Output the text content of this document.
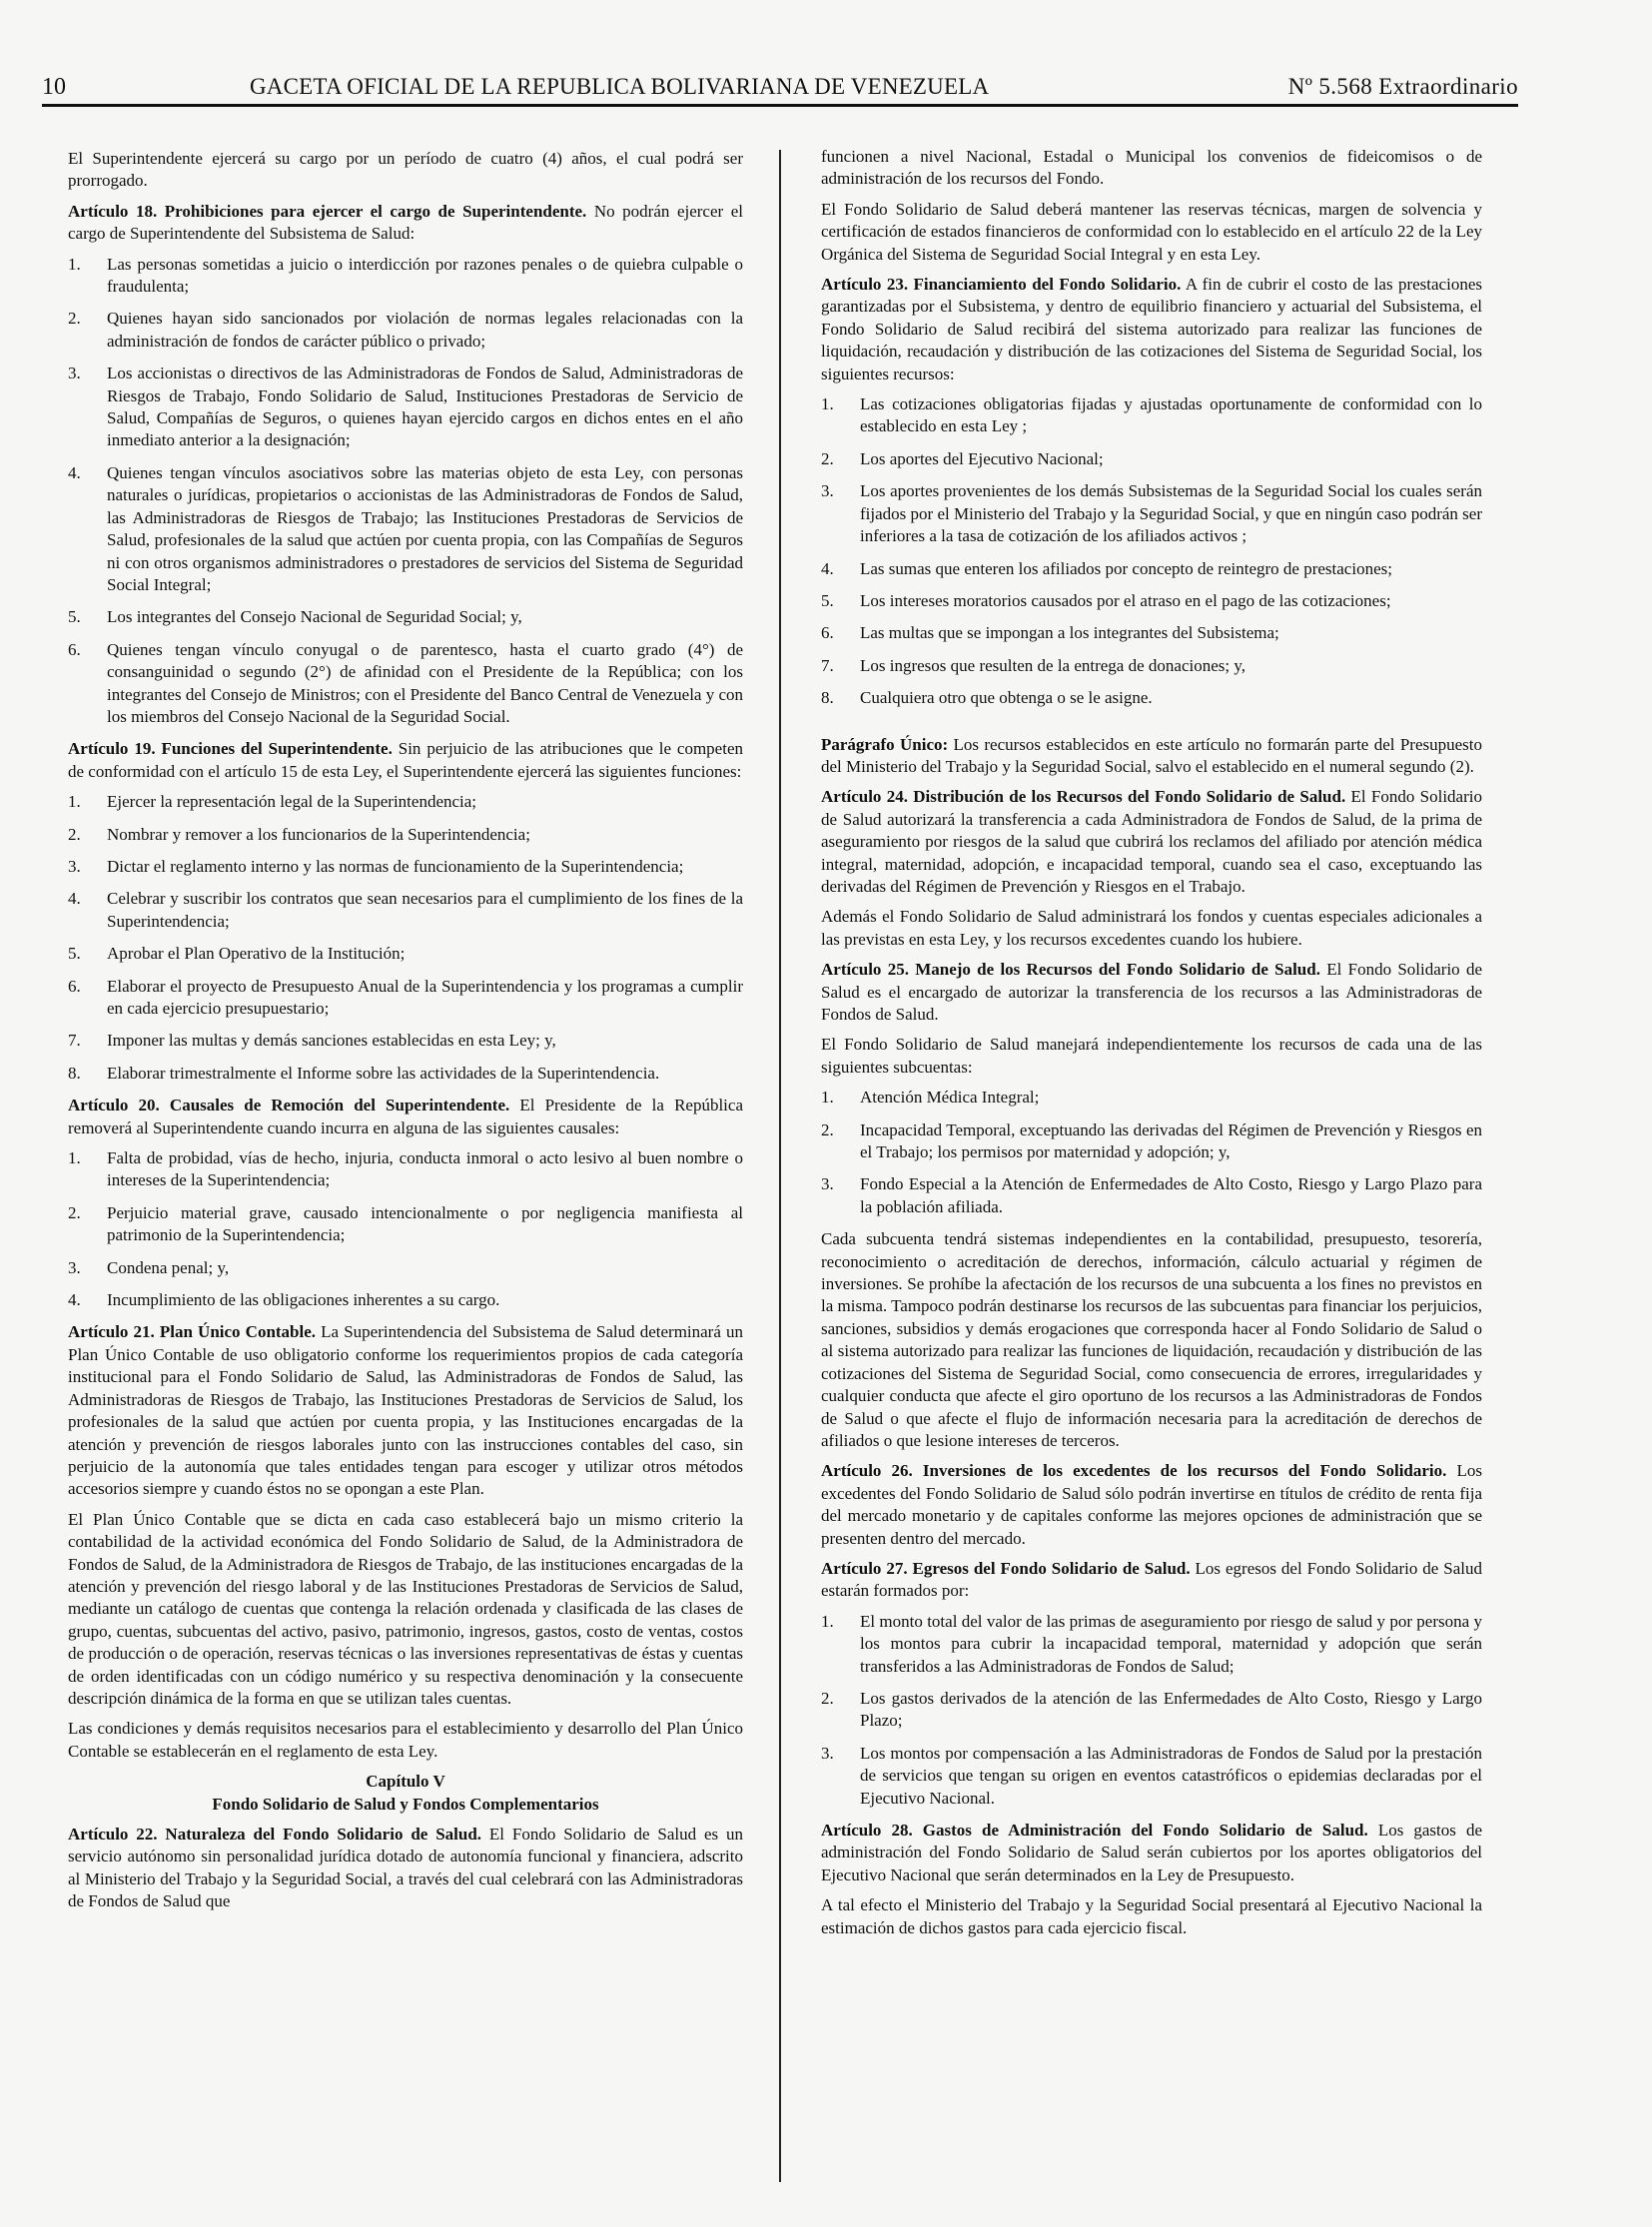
10	GACETA OFICIAL DE LA REPUBLICA BOLIVARIANA DE VENEZUELA	Nº 5.568 Extraordinario

El Superintendente ejercerá su cargo por un período de cuatro (4) años, el cual podrá ser prorrogado.

Artículo 18. Prohibiciones para ejercer el cargo de Superintendente. No podrán ejercer el cargo de Superintendente del Subsistema de Salud:

1. Las personas sometidas a juicio o interdicción por razones penales o de quiebra culpable o fraudulenta;
2. Quienes hayan sido sancionados por violación de normas legales relacionadas con la administración de fondos de carácter público o privado;
3. Los accionistas o directivos de las Administradoras de Fondos de Salud, Administradoras de Riesgos de Trabajo, Fondo Solidario de Salud, Instituciones Prestadoras de Servicio de Salud, Compañías de Seguros, o quienes hayan ejercido cargos en dichos entes en el año inmediato anterior a la designación;
4. Quienes tengan vínculos asociativos sobre las materias objeto de esta Ley, con personas naturales o jurídicas, propietarios o accionistas de las Administradoras de Fondos de Salud, las Administradoras de Riesgos de Trabajo; las Instituciones Prestadoras de Servicios de Salud, profesionales de la salud que actúen por cuenta propia, con las Compañías de Seguros ni con otros organismos administradores o prestadores de servicios del Sistema de Seguridad Social Integral;
5. Los integrantes del Consejo Nacional de Seguridad Social; y,
6. Quienes tengan vínculo conyugal o de parentesco, hasta el cuarto grado (4°) de consanguinidad o segundo (2°) de afinidad con el Presidente de la República; con los integrantes del Consejo de Ministros; con el Presidente del Banco Central de Venezuela y con los miembros del Consejo Nacional de la Seguridad Social.

Artículo 19. Funciones del Superintendente. Sin perjuicio de las atribuciones que le competen de conformidad con el artículo 15 de esta Ley, el Superintendente ejercerá las siguientes funciones:

1. Ejercer la representación legal de la Superintendencia;
2. Nombrar y remover a los funcionarios de la Superintendencia;
3. Dictar el reglamento interno y las normas de funcionamiento de la Superintendencia;
4. Celebrar y suscribir los contratos que sean necesarios para el cumplimiento de los fines de la Superintendencia;
5. Aprobar el Plan Operativo de la Institución;
6. Elaborar el proyecto de Presupuesto Anual de la Superintendencia y los programas a cumplir en cada ejercicio presupuestario;
7. Imponer las multas y demás sanciones establecidas en esta Ley; y,
8. Elaborar trimestralmente el Informe sobre las actividades de la Superintendencia.

Artículo 20. Causales de Remoción del Superintendente. El Presidente de la República removerá al Superintendente cuando incurra en alguna de las siguientes causales:

1. Falta de probidad, vías de hecho, injuria, conducta inmoral o acto lesivo al buen nombre o intereses de la Superintendencia;
2. Perjuicio material grave, causado intencionalmente o por negligencia manifiesta al patrimonio de la Superintendencia;
3. Condena penal; y,
4. Incumplimiento de las obligaciones inherentes a su cargo.

Artículo 21. Plan Único Contable. La Superintendencia del Subsistema de Salud determinará un Plan Único Contable de uso obligatorio conforme los requerimientos propios de cada categoría institucional para el Fondo Solidario de Salud, las Administradoras de Fondos de Salud, las Administradoras de Riesgos de Trabajo, las Instituciones Prestadoras de Servicios de Salud, los profesionales de la salud que actúen por cuenta propia, y las Instituciones encargadas de la atención y prevención de riesgos laborales junto con las instrucciones contables del caso, sin perjuicio de la autonomía que tales entidades tengan para escoger y utilizar otros métodos accesorios siempre y cuando éstos no se opongan a este Plan.

El Plan Único Contable que se dicta en cada caso establecerá bajo un mismo criterio la contabilidad de la actividad económica del Fondo Solidario de Salud, de la Administradora de Fondos de Salud, de la Administradora de Riesgos de Trabajo, de las instituciones encargadas de la atención y prevención del riesgo laboral y de las Instituciones Prestadoras de Servicios de Salud, mediante un catálogo de cuentas que contenga la relación ordenada y clasificada de las clases de grupo, cuentas, subcuentas del activo, pasivo, patrimonio, ingresos, gastos, costo de ventas, costos de producción o de operación, reservas técnicas o las inversiones representativas de éstas y cuentas de orden identificadas con un código numérico y su respectiva denominación y la consecuente descripción dinámica de la forma en que se utilizan tales cuentas.

Las condiciones y demás requisitos necesarios para el establecimiento y desarrollo del Plan Único Contable se establecerán en el reglamento de esta Ley.

Capítulo V
Fondo Solidario de Salud y Fondos Complementarios

Artículo 22. Naturaleza del Fondo Solidario de Salud. El Fondo Solidario de Salud es un servicio autónomo sin personalidad jurídica dotado de autonomía funcional y financiera, adscrito al Ministerio del Trabajo y la Seguridad Social, a través del cual celebrará con las Administradoras de Fondos de Salud que

funcionen a nivel Nacional, Estadal o Municipal los convenios de fideicomisos o de administración de los recursos del Fondo.

El Fondo Solidario de Salud deberá mantener las reservas técnicas, margen de solvencia y certificación de estados financieros de conformidad con lo establecido en el artículo 22 de la Ley Orgánica del Sistema de Seguridad Social Integral y en esta Ley.

Artículo 23. Financiamiento del Fondo Solidario. A fin de cubrir el costo de las prestaciones garantizadas por el Subsistema, y dentro de equilibrio financiero y actuarial del Subsistema, el Fondo Solidario de Salud recibirá del sistema autorizado para realizar las funciones de liquidación, recaudación y distribución de las cotizaciones del Sistema de Seguridad Social, los siguientes recursos:

1. Las cotizaciones obligatorias fijadas y ajustadas oportunamente de conformidad con lo establecido en esta Ley ;
2. Los aportes del Ejecutivo Nacional;
3. Los aportes provenientes de los demás Subsistemas de la Seguridad Social los cuales serán fijados por el Ministerio del Trabajo y la Seguridad Social, y que en ningún caso podrán ser inferiores a la tasa de cotización de los afiliados activos ;
4. Las sumas que enteren los afiliados por concepto de reintegro de prestaciones;
5. Los intereses moratorios causados por el atraso en el pago de las cotizaciones;
6. Las multas que se impongan a los integrantes del Subsistema;
7. Los ingresos que resulten de la entrega de donaciones; y,
8. Cualquiera otro que obtenga o se le asigne.

Parágrafo Único: Los recursos establecidos en este artículo no formarán parte del Presupuesto del Ministerio del Trabajo y la Seguridad Social, salvo el establecido en el numeral segundo (2).

Artículo 24. Distribución de los Recursos del Fondo Solidario de Salud. El Fondo Solidario de Salud autorizará la transferencia a cada Administradora de Fondos de Salud, de la prima de aseguramiento por riesgos de la salud que cubrirá los reclamos del afiliado por atención médica integral, maternidad, adopción, e incapacidad temporal, cuando sea el caso, exceptuando las derivadas del Régimen de Prevención y Riesgos en el Trabajo.

Además el Fondo Solidario de Salud administrará los fondos y cuentas especiales adicionales a las previstas en esta Ley, y los recursos excedentes cuando los hubiere.

Artículo 25. Manejo de los Recursos del Fondo Solidario de Salud. El Fondo Solidario de Salud es el encargado de autorizar la transferencia de los recursos a las Administradoras de Fondos de Salud.

El Fondo Solidario de Salud manejará independientemente los recursos de cada una de las siguientes subcuentas:

1. Atención Médica Integral;
2. Incapacidad Temporal, exceptuando las derivadas del Régimen de Prevención y Riesgos en el Trabajo; los permisos por maternidad y adopción; y,
3. Fondo Especial a la Atención de Enfermedades de Alto Costo, Riesgo y Largo Plazo para la población afiliada.

Cada subcuenta tendrá sistemas independientes en la contabilidad, presupuesto, tesorería, reconocimiento o acreditación de derechos, información, cálculo actuarial y régimen de inversiones. Se prohíbe la afectación de los recursos de una subcuenta a los fines no previstos en la misma. Tampoco podrán destinarse los recursos de las subcuentas para financiar los perjuicios, sanciones, subsidios y demás erogaciones que corresponda hacer al Fondo Solidario de Salud o al sistema autorizado para realizar las funciones de liquidación, recaudación y distribución de las cotizaciones del Sistema de Seguridad Social, como consecuencia de errores, irregularidades y cualquier conducta que afecte el giro oportuno de los recursos a las Administradoras de Fondos de Salud o que afecte el flujo de información necesaria para la acreditación de derechos de afiliados o que lesione intereses de terceros.

Artículo 26. Inversiones de los excedentes de los recursos del Fondo Solidario. Los excedentes del Fondo Solidario de Salud sólo podrán invertirse en títulos de crédito de renta fija del mercado monetario y de capitales conforme las mejores opciones de administración que se presenten dentro del mercado.

Artículo 27. Egresos del Fondo Solidario de Salud. Los egresos del Fondo Solidario de Salud estarán formados por:

1. El monto total del valor de las primas de aseguramiento por riesgo de salud y por persona y los montos para cubrir la incapacidad temporal, maternidad y adopción que serán transferidos a las Administradoras de Fondos de Salud;
2. Los gastos derivados de la atención de las Enfermedades de Alto Costo, Riesgo y Largo Plazo;
3. Los montos por compensación a las Administradoras de Fondos de Salud por la prestación de servicios que tengan su origen en eventos catastróficos o epidemias declaradas por el Ejecutivo Nacional.

Artículo 28. Gastos de Administración del Fondo Solidario de Salud. Los gastos de administración del Fondo Solidario de Salud serán cubiertos por los aportes obligatorios del Ejecutivo Nacional que serán determinados en la Ley de Presupuesto.

A tal efecto el Ministerio del Trabajo y la Seguridad Social presentará al Ejecutivo Nacional la estimación de dichos gastos para cada ejercicio fiscal.
